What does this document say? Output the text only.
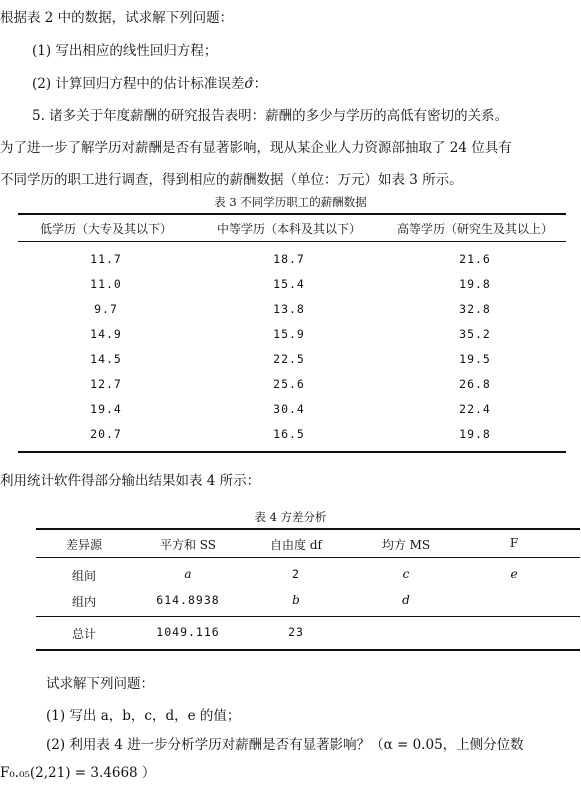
根据表 2 中的数据，试求解下列问题：
(1) 写出相应的线性回归方程；
(2) 计算回归方程中的估计标准误差σ̂：
5. 诸多关于年度薪酬的研究报告表明：薪酬的多少与学历的高低有密切的关系。
为了进一步了解学历对薪酬是否有显著影响，现从某企业人力资源部抽取了 24 位具有
不同学历的职工进行调查，得到相应的薪酬数据（单位：万元）如表 3 所示。
表 3 不同学历职工的薪酬数据
低学历（大专及其以下）	中等学历（本科及其以下）	高等学历（研究生及其以上）
11.7	18.7	21.6
11.0	15.4	19.8
9.7	13.8	32.8
14.9	15.9	35.2
14.5	22.5	19.5
12.7	25.6	26.8
19.4	30.4	22.4
20.7	16.5	19.8
利用统计软件得部分输出结果如表 4 所示：
表 4 方差分析
差异源	平方和 SS	自由度 df	均方 MS	F
组间	a	2	c	e
组内	614.8938	b	d
总计	1049.116	23
试求解下列问题：
(1) 写出 a，b，c，d，e 的值；
(2) 利用表 4 进一步分析学历对薪酬是否有显著影响？（α = 0.05，上侧分位数
F₀.₀₅(2,21) = 3.4668 ）
